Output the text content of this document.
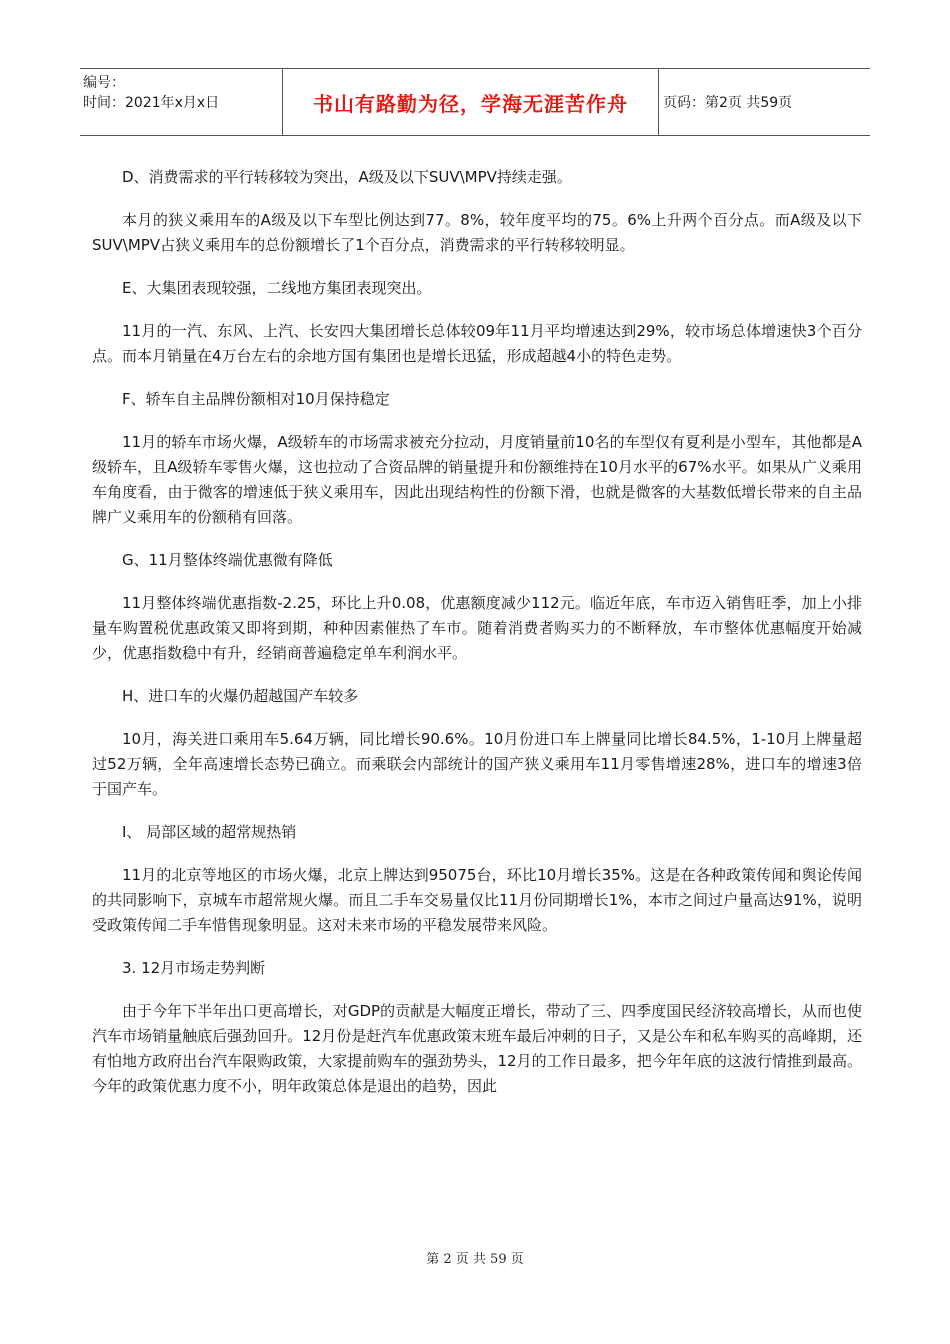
编号：
时间：2021年x月x日	书山有路勤为径，学海无涯苦作舟	页码：第2页 共59页

D、消费需求的平行转移较为突出，A级及以下SUV\MPV持续走强。

本月的狭义乘用车的A级及以下车型比例达到77。8%，较年度平均的75。6%上升两个百分点。而A级及以下SUV\MPV占狭义乘用车的总份额增长了1个百分点，消费需求的平行转移较明显。

E、大集团表现较强，二线地方集团表现突出。

11月的一汽、东风、上汽、长安四大集团增长总体较09年11月平均增速达到29%，较市场总体增速快3个百分点。而本月销量在4万台左右的余地方国有集团也是增长迅猛，形成超越4小的特色走势。

F、轿车自主品牌份额相对10月保持稳定

11月的轿车市场火爆，A级轿车的市场需求被充分拉动，月度销量前10名的车型仅有夏利是小型车，其他都是A级轿车，且A级轿车零售火爆，这也拉动了合资品牌的销量提升和份额维持在10月水平的67%水平。如果从广义乘用车角度看，由于微客的增速低于狭义乘用车，因此出现结构性的份额下滑，也就是微客的大基数低增长带来的自主品牌广义乘用车的份额稍有回落。

G、11月整体终端优惠微有降低

11月整体终端优惠指数-2.25，环比上升0.08，优惠额度减少112元。临近年底，车市迈入销售旺季，加上小排量车购置税优惠政策又即将到期，种种因素催热了车市。随着消费者购买力的不断释放，车市整体优惠幅度开始减少，优惠指数稳中有升，经销商普遍稳定单车利润水平。

H、进口车的火爆仍超越国产车较多

10月，海关进口乘用车5.64万辆，同比增长90.6%。10月份进口车上牌量同比增长84.5%，1-10月上牌量超过52万辆，全年高速增长态势已确立。而乘联会内部统计的国产狭义乘用车11月零售增速28%，进口车的增速3倍于国产车。

I、 局部区域的超常规热销

11月的北京等地区的市场火爆，北京上牌达到95075台，环比10月增长35%。这是在各种政策传闻和舆论传闻的共同影响下，京城车市超常规火爆。而且二手车交易量仅比11月份同期增长1%，本市之间过户量高达91%，说明受政策传闻二手车惜售现象明显。这对未来市场的平稳发展带来风险。

3. 12月市场走势判断

由于今年下半年出口更高增长，对GDP的贡献是大幅度正增长，带动了三、四季度国民经济较高增长，从而也使汽车市场销量触底后强劲回升。12月份是赶汽车优惠政策末班车最后冲刺的日子，又是公车和私车购买的高峰期，还有怕地方政府出台汽车限购政策，大家提前购车的强劲势头，12月的工作日最多，把今年年底的这波行情推到最高。今年的政策优惠力度不小，明年政策总体是退出的趋势，因此

第 2 页 共 59 页
